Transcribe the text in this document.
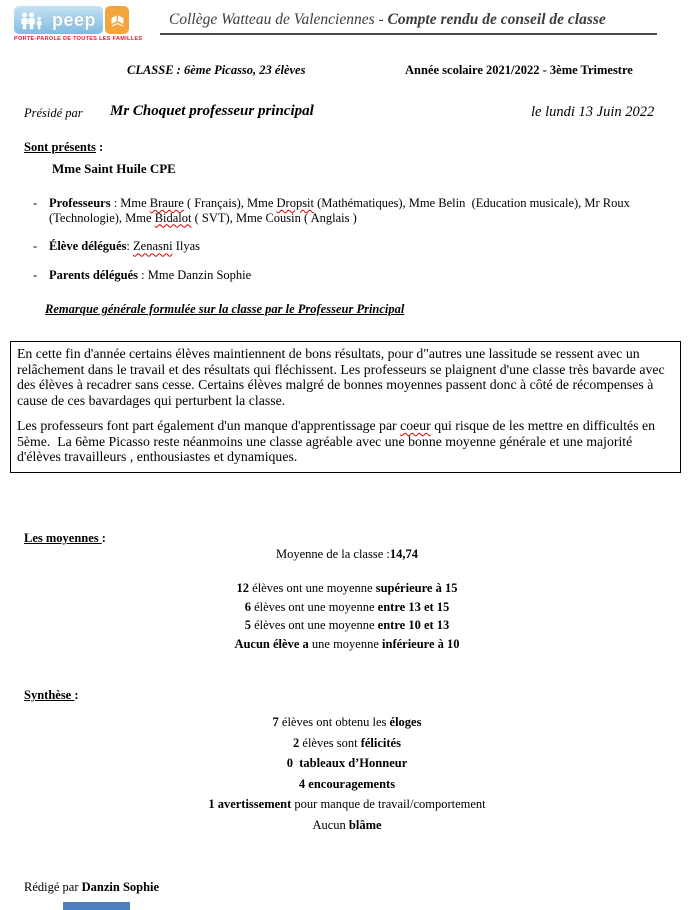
peep
PORTE-PAROLE DE TOUTES LES FAMILLES
Collège Watteau de Valenciennes - Compte rendu de conseil de classe
CLASSE : 6ème Picasso, 23 élèves	Année scolaire 2021/2022 - 3ème Trimestre
Présidé par Mr Choquet professeur principal	le lundi 13 Juin 2022
Sont présents :
Mme Saint Huile CPE
- Professeurs : Mme Braure ( Français), Mme Dropsit (Mathématiques), Mme Belin  (Education musicale), Mr Roux (Technologie), Mme Bidalot ( SVT), Mme Cousin ( Anglais )
- Élève délégués: Zenasni Ilyas
- Parents délégués : Mme Danzin Sophie
Remarque générale formulée sur la classe par le Professeur Principal

En cette fin d'année certains élèves maintiennent de bons résultats, pour d"autres une lassitude se ressent avec un relâchement dans le travail et des résultats qui fléchissent. Les professeurs se plaignent d'une classe très bavarde avec des élèves à recadrer sans cesse. Certains élèves malgré de bonnes moyennes passent donc à côté de récompenses à cause de ces bavardages qui perturbent la classe.

Les professeurs font part également d'un manque d'apprentissage par coeur qui risque de les mettre en difficultés en 5ème.  La 6ème Picasso reste néanmoins une classe agréable avec une bonne moyenne générale et une majorité d'élèves travailleurs , enthousiastes et dynamiques.

Les moyennes :
Moyenne de la classe :14,74
12 élèves ont une moyenne supérieure à 15
6 élèves ont une moyenne entre 13 et 15
5 élèves ont une moyenne entre 10 et 13
Aucun élève a une moyenne inférieure à 10
Synthèse :
7 élèves ont obtenu les éloges
2 élèves sont félicités
0  tableaux d’Honneur
4 encouragements
1 avertissement pour manque de travail/comportement
Aucun blâme
Rédigé par Danzin Sophie
